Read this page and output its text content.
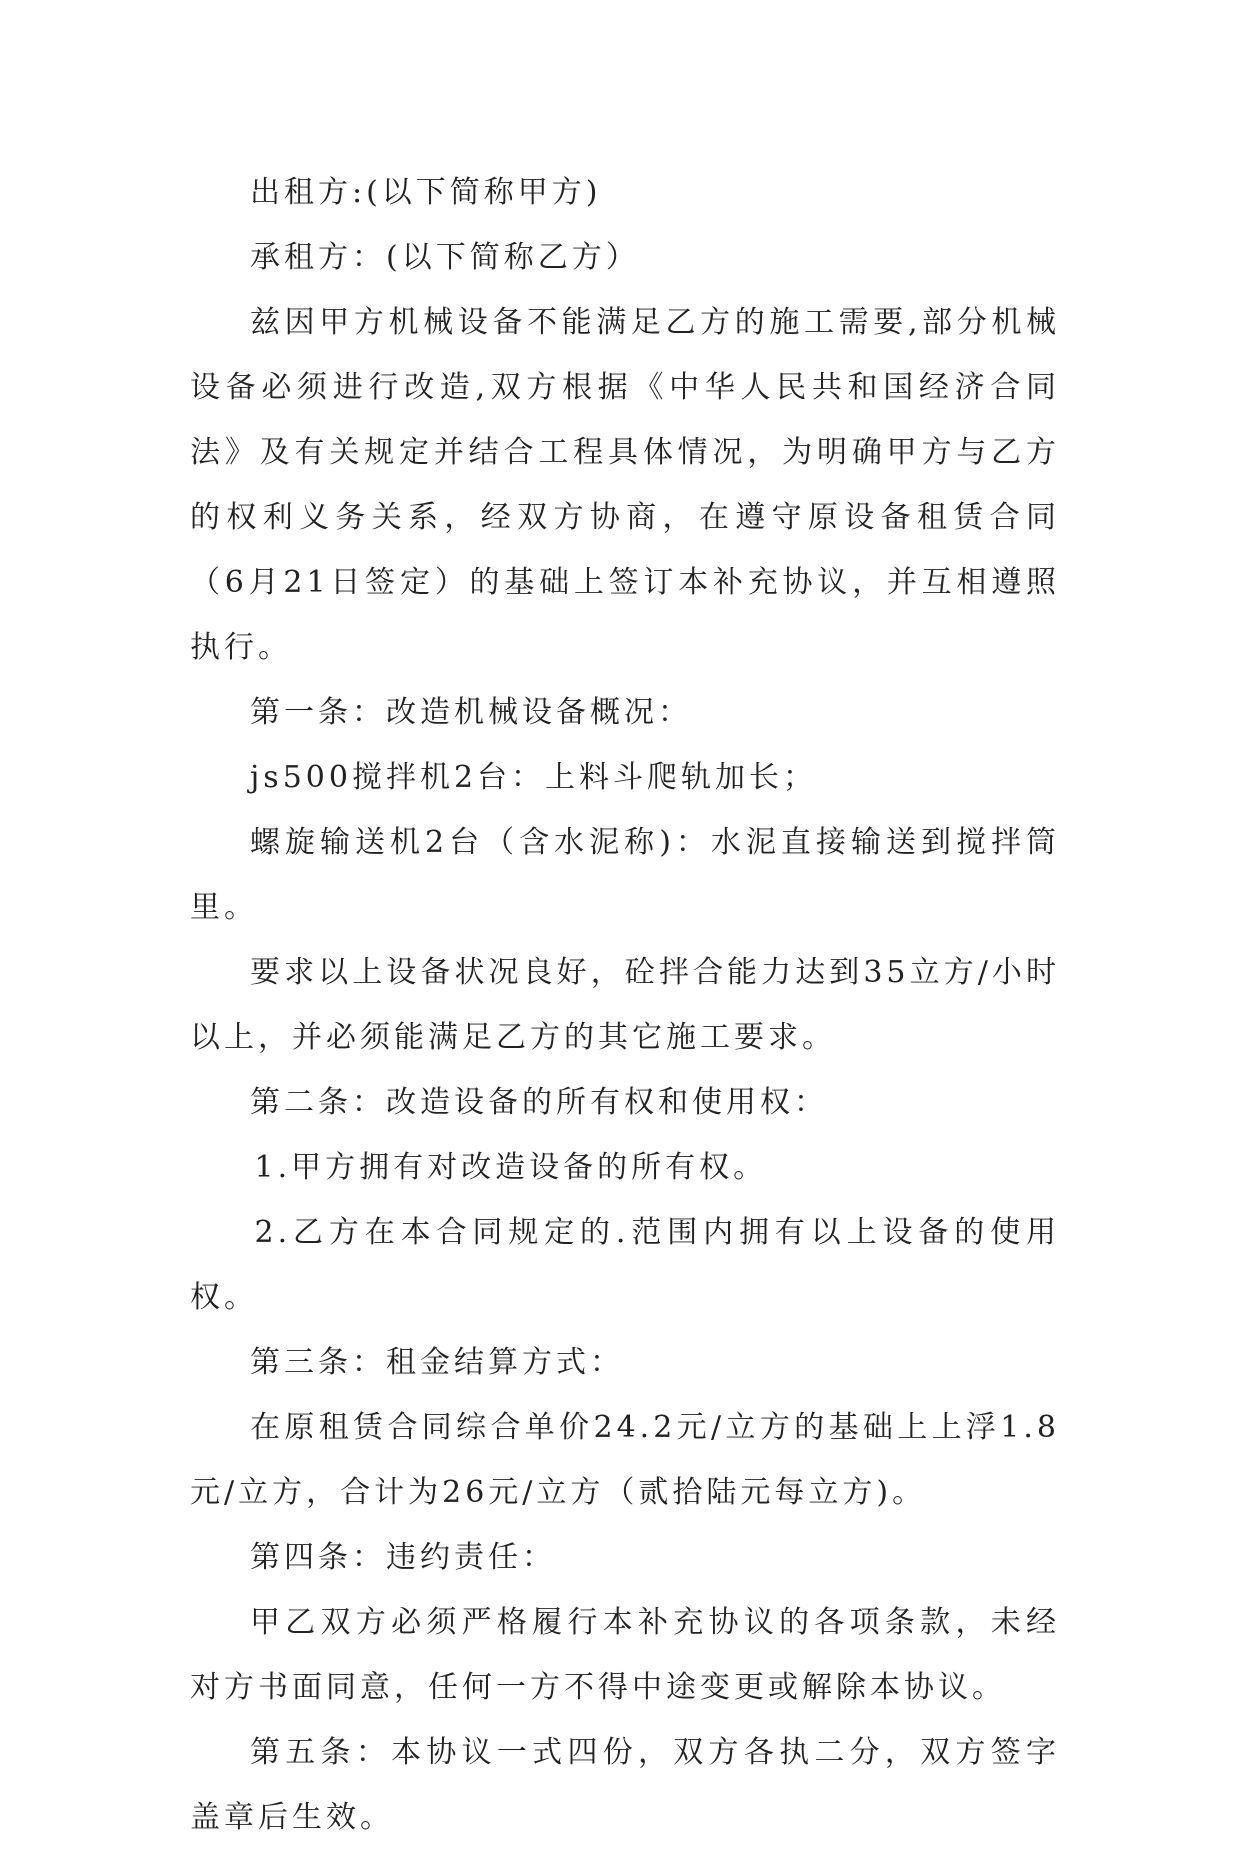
出租方:(以下简称甲方)

承租方：(以下简称乙方）

兹因甲方机械设备不能满足乙方的施工需要,部分机械设备必须进行改造,双方根据《中华人民共和国经济合同法》及有关规定并结合工程具体情况，为明确甲方与乙方的权利义务关系，经双方协商，在遵守原设备租赁合同（6月21日签定）的基础上签订本补充协议，并互相遵照执行。

第一条：改造机械设备概况：

js500搅拌机2台：上料斗爬轨加长；

螺旋输送机2台（含水泥称)：水泥直接输送到搅拌筒里。

要求以上设备状况良好，砼拌合能力达到35立方/小时以上，并必须能满足乙方的其它施工要求。

第二条：改造设备的所有权和使用权：

1.甲方拥有对改造设备的所有权。

2.乙方在本合同规定的.范围内拥有以上设备的使用权。

第三条：租金结算方式：

在原租赁合同综合单价24.2元/立方的基础上上浮1.8元/立方，合计为26元/立方（贰拾陆元每立方)。

第四条：违约责任：

甲乙双方必须严格履行本补充协议的各项条款，未经对方书面同意，任何一方不得中途变更或解除本协议。

第五条：本协议一式四份，双方各执二分，双方签字盖章后生效。
